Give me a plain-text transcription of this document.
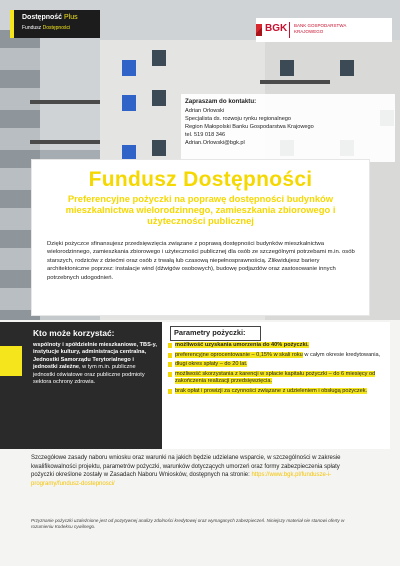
Dostępność Plus
Fundusz Dostępności	BGK BANK GOSPODARSTWA
KRAJOWEGO
Zapraszam do kontaktu:
Adrian Orlowski
Specjalista ds. rozwoju rynku regionalnego
Region Małopolski Banku Gospodarstwa Krajowego
tel. 519 018 346
Adrian.Orlowski@bgk.pl
Fundusz Dostępności
Preferencyjne pożyczki na poprawę dostępności budynków mieszkalnictwa wielorodzinnego, zamieszkania zbiorowego i użyteczności publicznej
Dzięki pożyczce sfinansujesz przedsięwzięcia związane z poprawą dostępności budynków mieszkalnictwa wielorodzinnego, zamieszkania zbiorowego i użyteczności publicznej dla osób ze szczególnymi potrzebami m.in. osób starszych, rodziców z dziećmi oraz osób z trwałą lub czasową niepełnosprawnością. Zlikwidujesz bariery architektoniczne poprzez: instalacje wind (dźwigów osobowych), budowę podjazdów oraz zastosowanie innych potrzebnych udogodnień.
Kto może korzystać:
wspólnoty i spółdzielnie mieszkaniowe, TBS-y, instytucje kultury, administracja centralna, Jednostki Samorządu Terytorialnego i jednostki zależne, w tym m.in. publiczne jednostki oświatowe oraz publiczne podmioty sektora ochrony zdrowia.
Parametry pożyczki:
możliwość uzyskania umorzenia do 40% pożyczki.
preferencyjne oprocentowanie – 0,15% w skali roku w całym okresie kredytowania,
długi okres spłaty – do 20 lat.
możliwość skorzystania z karencji w spłacie kapitału pożyczki – do 6 miesięcy od zakończenia realizacji przedsięwzięcia.
brak opłat i prowizji za czynności związane z udzieleniem i obsługą pożyczek.
Szczegółowe zasady naboru wniosku oraz warunki na jakich będzie udzielane wsparcie, w szczególności w zakresie kwalifikowalności projektu, parametrów pożyczki, warunków dotyczących umorzeń oraz formy zabezpieczenia spłaty pożyczki określone zostały w Zasadach Naboru Wniosków, dostępnych na stronie: https://www.bgk.pl/fundusze-i-programy/fundusz-dostepnosci/
Przyznanie pożyczki uzależnione jest od pozytywnej analizy zdolności kredytowej oraz wymaganych zabezpieczeń. Niniejszy materiał nie stanowi oferty w rozumieniu Kodeksu cywilnego.
